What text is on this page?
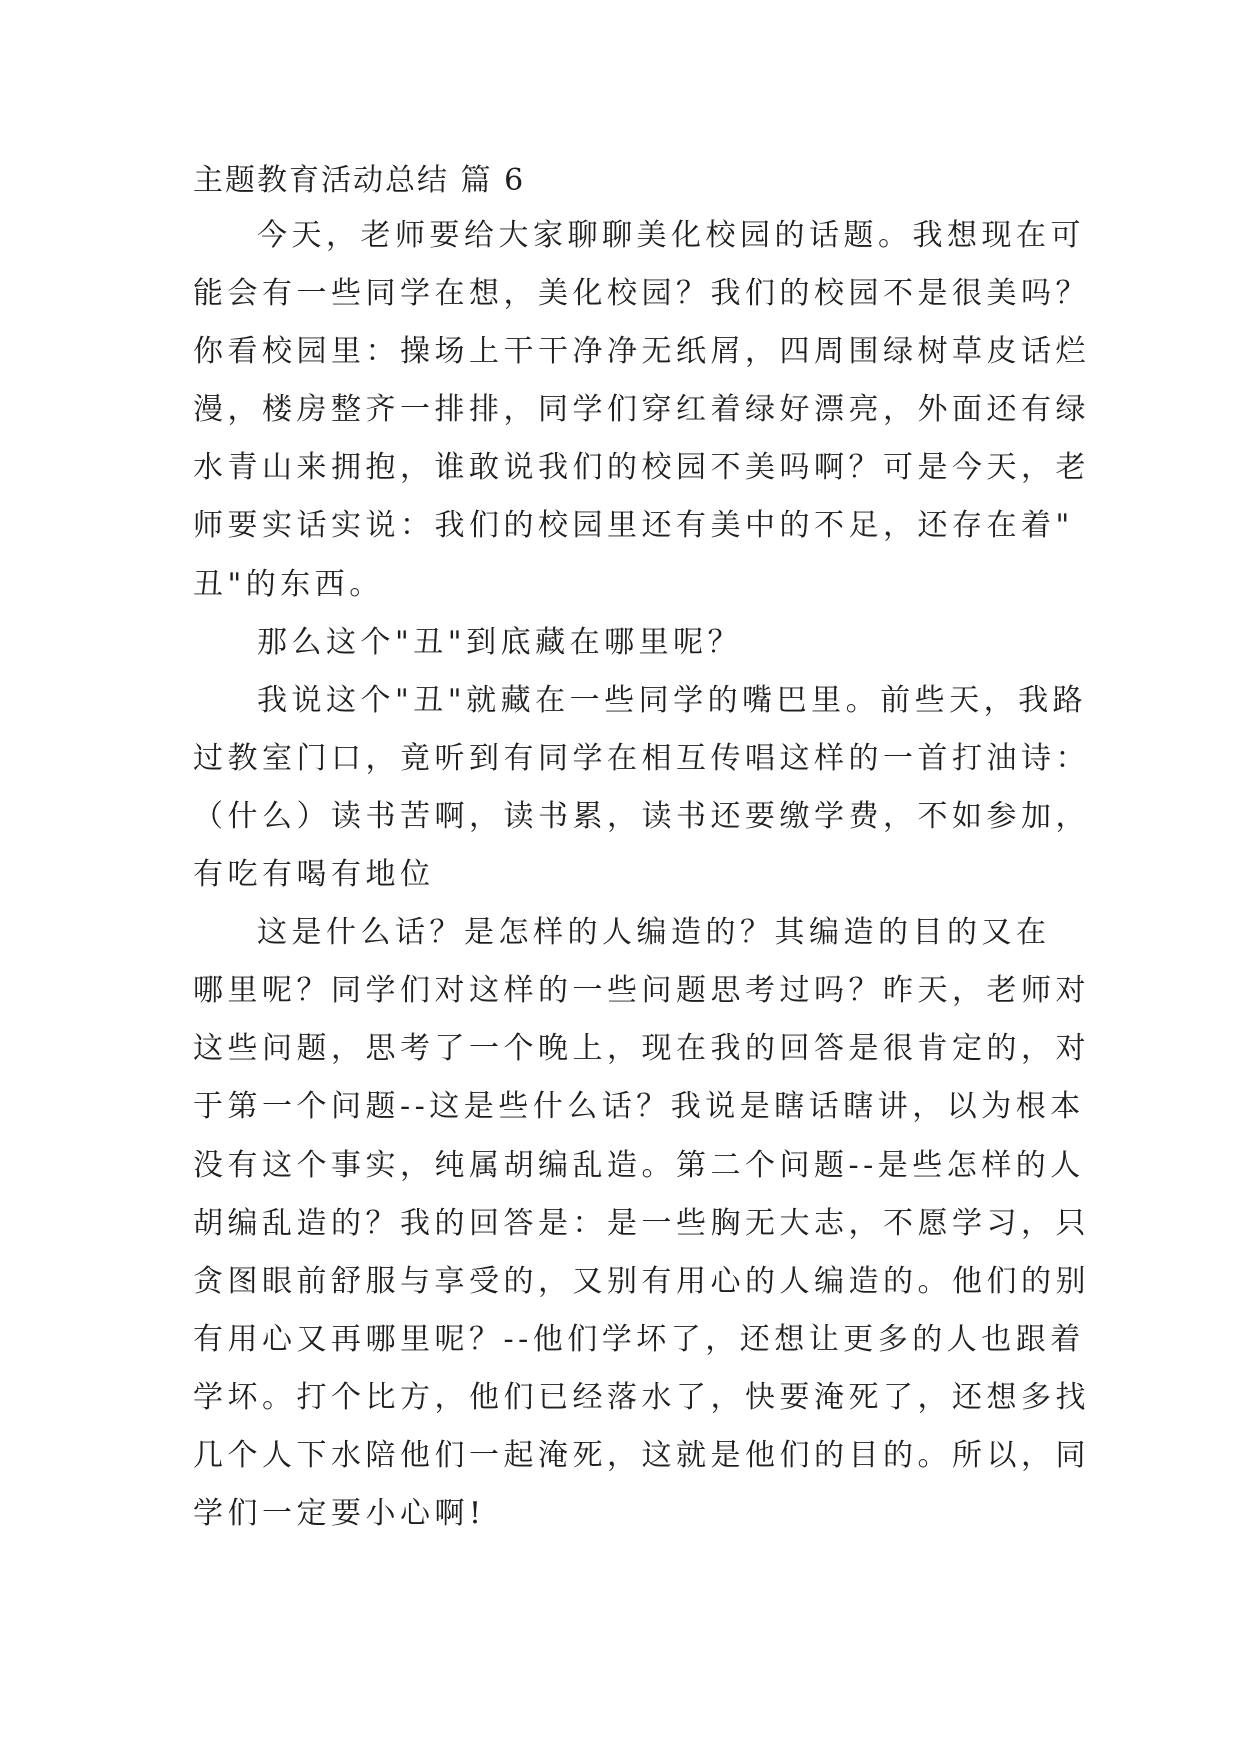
主题教育活动总结 篇 6
今天，老师要给大家聊聊美化校园的话题。我想现在可
能会有一些同学在想，美化校园？我们的校园不是很美吗？
你看校园里：操场上干干净净无纸屑，四周围绿树草皮话烂
漫，楼房整齐一排排，同学们穿红着绿好漂亮，外面还有绿
水青山来拥抱，谁敢说我们的校园不美吗啊？可是今天，老
师要实话实说：我们的校园里还有美中的不足，还存在着"
丑"的东西。
那么这个"丑"到底藏在哪里呢？
我说这个"丑"就藏在一些同学的嘴巴里。前些天，我路
过教室门口，竟听到有同学在相互传唱这样的一首打油诗：
（什么）读书苦啊，读书累，读书还要缴学费，不如参加，
有吃有喝有地位
这是什么话？是怎样的人编造的？其编造的目的又在
哪里呢？同学们对这样的一些问题思考过吗？昨天，老师对
这些问题，思考了一个晚上，现在我的回答是很肯定的，对
于第一个问题--这是些什么话？我说是瞎话瞎讲，以为根本
没有这个事实，纯属胡编乱造。第二个问题--是些怎样的人
胡编乱造的？我的回答是：是一些胸无大志，不愿学习，只
贪图眼前舒服与享受的，又别有用心的人编造的。他们的别
有用心又再哪里呢？--他们学坏了，还想让更多的人也跟着
学坏。打个比方，他们已经落水了，快要淹死了，还想多找
几个人下水陪他们一起淹死，这就是他们的目的。所以，同
学们一定要小心啊!
